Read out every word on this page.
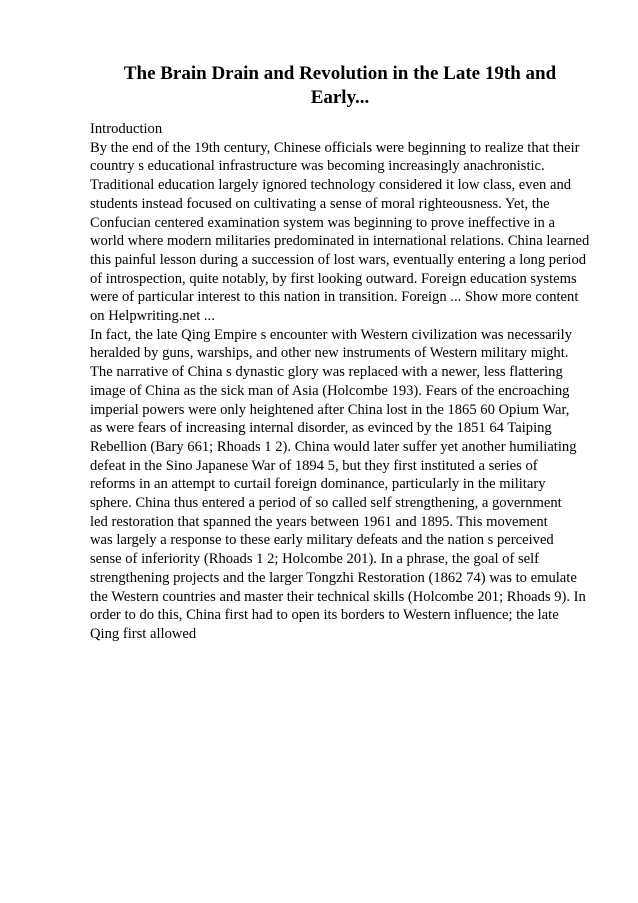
The Brain Drain and Revolution in the Late 19th and
Early...
Introduction
By the end of the 19th century, Chinese officials were beginning to realize that their
country s educational infrastructure was becoming increasingly anachronistic.
Traditional education largely ignored technology considered it low class, even and
students instead focused on cultivating a sense of moral righteousness. Yet, the
Confucian centered examination system was beginning to prove ineffective in a
world where modern militaries predominated in international relations. China learned
this painful lesson during a succession of lost wars, eventually entering a long period
of introspection, quite notably, by first looking outward. Foreign education systems
were of particular interest to this nation in transition. Foreign ... Show more content
on Helpwriting.net ...
In fact, the late Qing Empire s encounter with Western civilization was necessarily
heralded by guns, warships, and other new instruments of Western military might.
The narrative of China s dynastic glory was replaced with a newer, less flattering
image of China as the sick man of Asia (Holcombe 193). Fears of the encroaching
imperial powers were only heightened after China lost in the 1865 60 Opium War,
as were fears of increasing internal disorder, as evinced by the 1851 64 Taiping
Rebellion (Bary 661; Rhoads 1 2). China would later suffer yet another humiliating
defeat in the Sino Japanese War of 1894 5, but they first instituted a series of
reforms in an attempt to curtail foreign dominance, particularly in the military
sphere. China thus entered a period of so called self strengthening, a government
led restoration that spanned the years between 1961 and 1895. This movement
was largely a response to these early military defeats and the nation s perceived
sense of inferiority (Rhoads 1 2; Holcombe 201). In a phrase, the goal of self
strengthening projects and the larger Tongzhi Restoration (1862 74) was to emulate
the Western countries and master their technical skills (Holcombe 201; Rhoads 9). In
order to do this, China first had to open its borders to Western influence; the late
Qing first allowed
